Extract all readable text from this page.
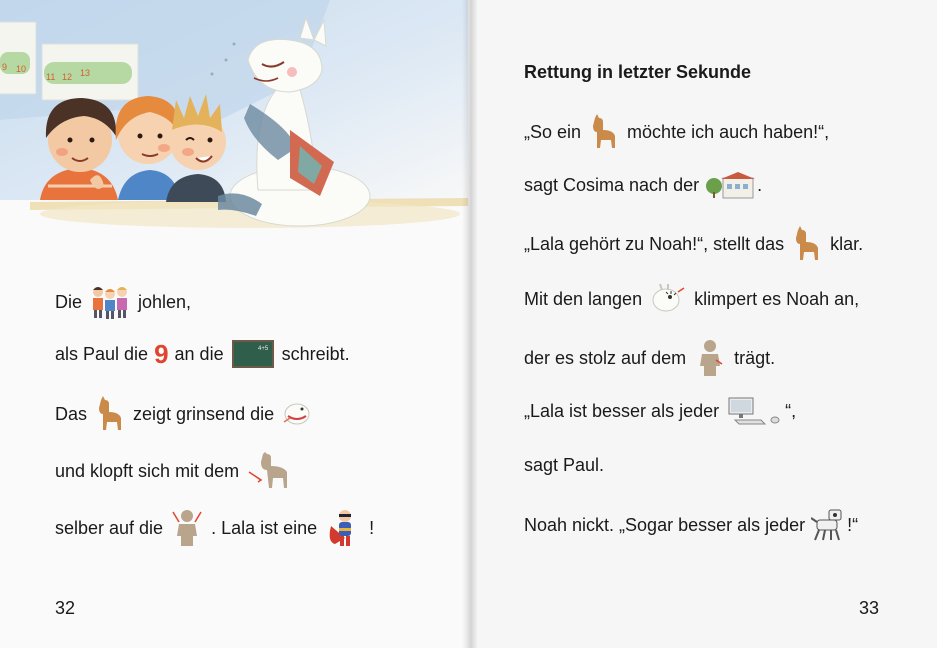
9 10
11 12 13
Die	johlen,
als Paul die 9 an die	4+5 schreibt.
Das	zeigt grinsend die
und klopft sich mit dem
selber auf die	. Lala ist eine	!
32
Rettung in letzter Sekunde
„So ein	möchte ich auch haben!“,
sagt Cosima nach der	.
„Lala gehört zu Noah!“, stellt das	klar.
Mit den langen	klimpert es Noah an,
der es stolz auf dem	trägt.
„Lala ist besser als jeder	“,
sagt Paul.
Noah nickt. „Sogar besser als jeder !“
33
